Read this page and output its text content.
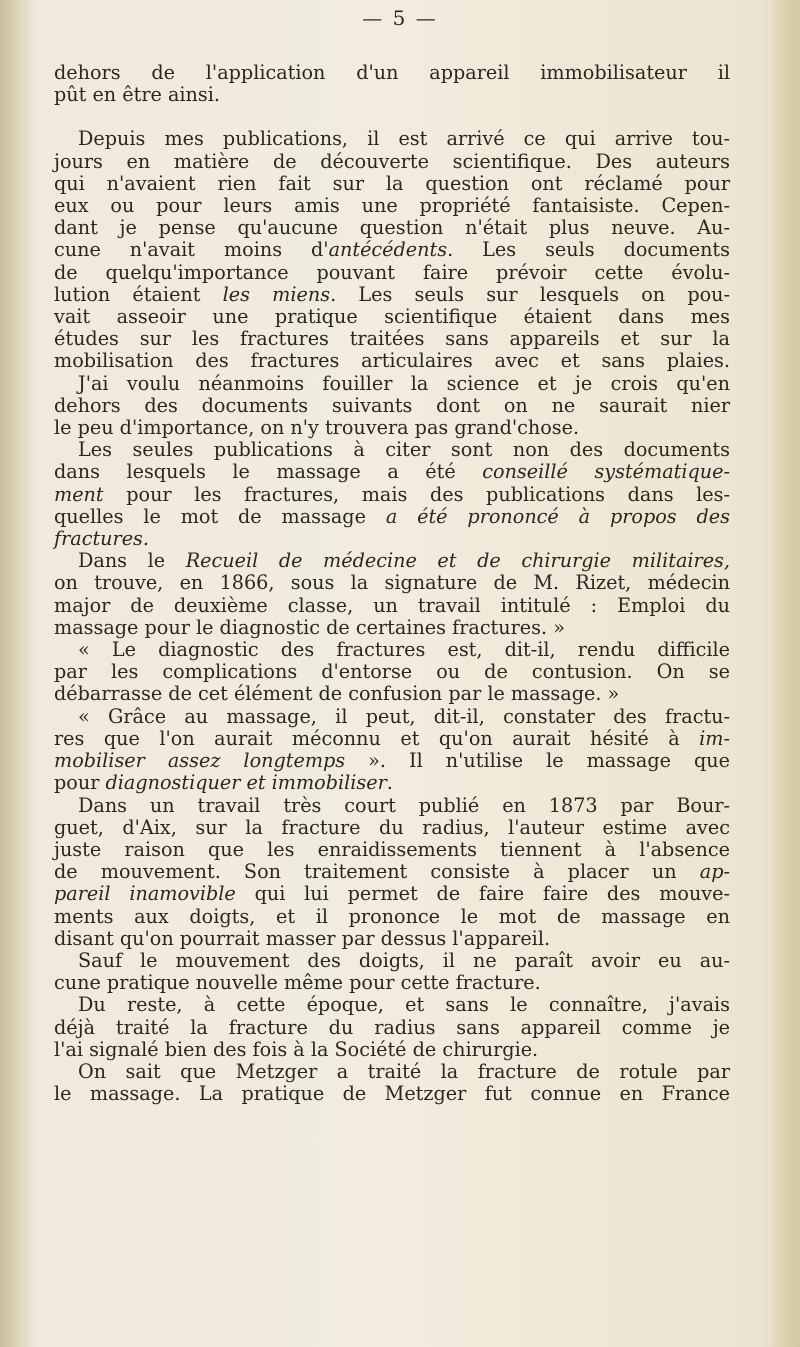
— 5 —

dehors de l'application d'un appareil immobilisateur il

pût en être ainsi.

Depuis mes publications, il est arrivé ce qui arrive tou-

jours en matière de découverte scientifique. Des auteurs

qui n'avaient rien fait sur la question ont réclamé pour

eux ou pour leurs amis une propriété fantaisiste. Cepen-

dant je pense qu'aucune question n'était plus neuve. Au-

cune n'avait moins d'antécédents. Les seuls documents

de quelqu'importance pouvant faire prévoir cette évolu-

lution étaient les miens. Les seuls sur lesquels on pou-

vait asseoir une pratique scientifique étaient dans mes

études sur les fractures traitées sans appareils et sur la

mobilisation des fractures articulaires avec et sans plaies.

J'ai voulu néanmoins fouiller la science et je crois qu'en

dehors des documents suivants dont on ne saurait nier

le peu d'importance, on n'y trouvera pas grand'chose.

Les seules publications à citer sont non des documents

dans lesquels le massage a été conseillé systématique-

ment pour les fractures, mais des publications dans les-

quelles le mot de massage a été prononcé à propos des

fractures.

Dans le Recueil de médecine et de chirurgie militaires,

on trouve, en 1866, sous la signature de M. Rizet, médecin

major de deuxième classe, un travail intitulé : Emploi du

massage pour le diagnostic de certaines fractures. »

« Le diagnostic des fractures est, dit-il, rendu difficile

par les complications d'entorse ou de contusion. On se

débarrasse de cet élément de confusion par le massage. »

« Grâce au massage, il peut, dit-il, constater des fractu-

res que l'on aurait méconnu et qu'on aurait hésité à im-

mobiliser assez longtemps ». Il n'utilise le massage que

pour diagnostiquer et immobiliser.

Dans un travail très court publié en 1873 par Bour-

guet, d'Aix, sur la fracture du radius, l'auteur estime avec

juste raison que les enraidissements tiennent à l'absence

de mouvement. Son traitement consiste à placer un ap-

pareil inamovible qui lui permet de faire faire des mouve-

ments aux doigts, et il prononce le mot de massage en

disant qu'on pourrait masser par dessus l'appareil.

Sauf le mouvement des doigts, il ne paraît avoir eu au-

cune pratique nouvelle même pour cette fracture.

Du reste, à cette époque, et sans le connaître, j'avais

déjà traité la fracture du radius sans appareil comme je

l'ai signalé bien des fois à la Société de chirurgie.

On sait que Metzger a traité la fracture de rotule par

le massage. La pratique de Metzger fut connue en France
